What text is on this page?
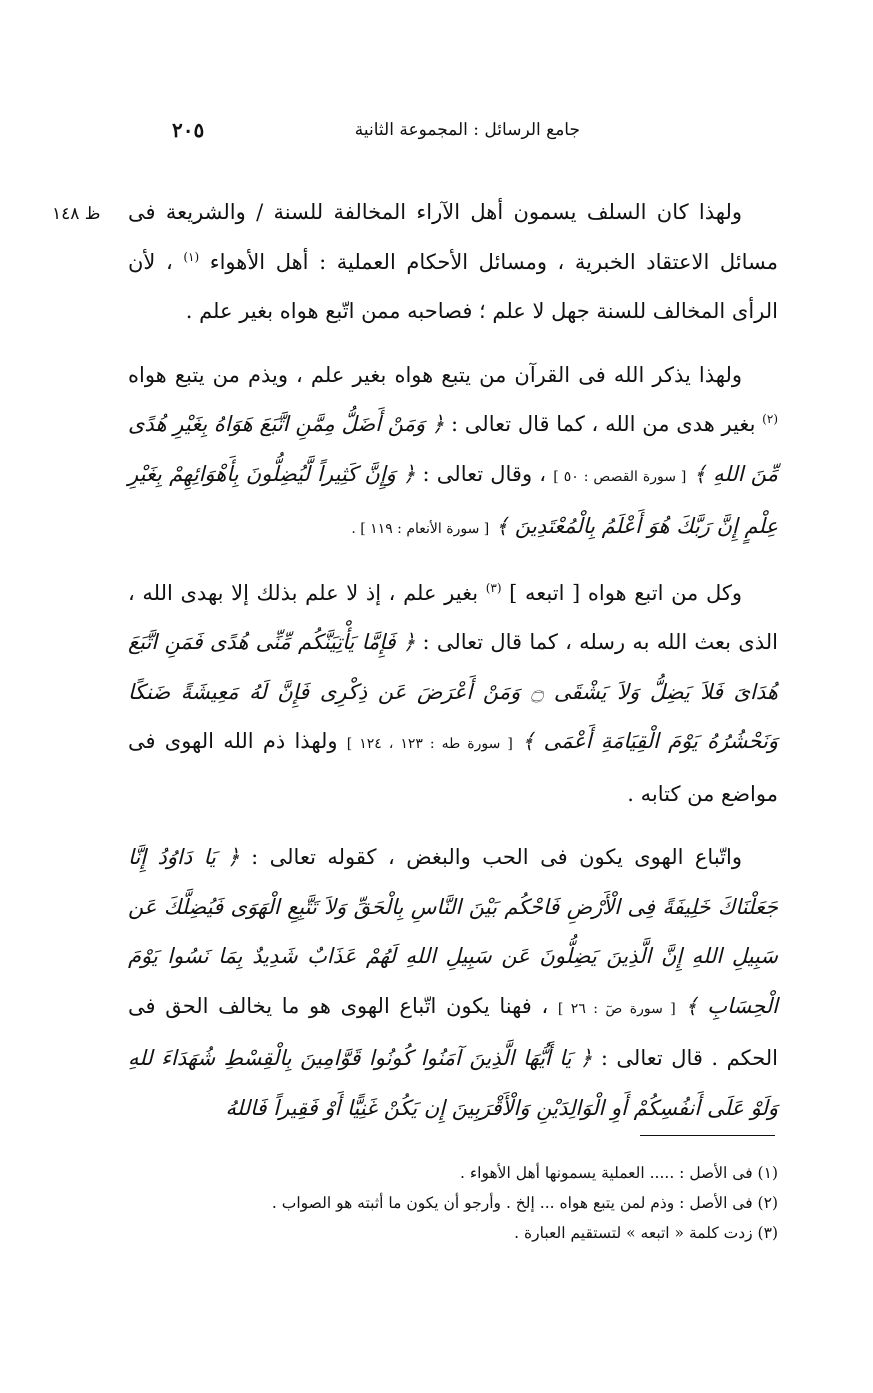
جامع الرسائل : المجموعة الثانية
٢٠٥
ظ ١٤٨ ولهذا كان السلف يسمون أهل الآراء المخالفة للسنة / والشريعة فى مسائل الاعتقاد الخبرية ، ومسائل الأحكام العملية : أهل الأهواء $^{(١)}$ ، لأن الرأى المخالف للسنة جهل لا علم ؛ فصاحبه ممن اتّبع هواه بغير علم .

ولهذا يذكر الله فى القرآن من يتبع هواه بغير علم ، ويذم من يتبع هواه $^{(٢)}$ بغير هدى من الله ، كما قال تعالى : ﴿ وَمَنْ أَضَلُّ مِمَّنِ اتَّبَعَ هَوَاهُ بِغَيْرِ هُدًى مِّنَ اللهِ ﴾ [ سورة القصص : ٥٠ ] ، وقال تعالى : ﴿ وَإِنَّ كَثِيراً لَّيُضِلُّونَ بِأَهْوَائِهِمْ بِغَيْرِ عِلْمٍ إِنَّ رَبَّكَ هُوَ أَعْلَمُ بِالْمُعْتَدِينَ ﴾ [ سورة الأنعام : ١١٩ ] .

وكل من اتبع هواه [ اتبعه ] $^{(٣)}$ بغير علم ، إذ لا علم بذلك إلا بهدى الله ، الذى بعث الله به رسله ، كما قال تعالى : ﴿ فَإِمَّا يَأْتِيَنَّكُم مِّنِّى هُدًى فَمَنِ اتَّبَعَ هُدَاىَ فَلاَ يَضِلُّ وَلاَ يَشْقَى ۝ وَمَنْ أَعْرَضَ عَن ذِكْرِى فَإِنَّ لَهُ مَعِيشَةً ضَنكًا وَنَحْشُرُهُ يَوْمَ الْقِيَامَةِ أَعْمَى ﴾ [ سورة طه : ١٢٣ ، ١٢٤ ] ولهذا ذم الله الهوى فى مواضع من كتابه .

واتّباع الهوى يكون فى الحب والبغض ، كقوله تعالى : ﴿ يَا دَاوُدُ إِنَّا جَعَلْنَاكَ خَلِيفَةً فِى الْأَرْضِ فَاحْكُم بَيْنَ النَّاسِ بِالْحَقِّ وَلاَ تَتَّبِعِ الْهَوَى فَيُضِلَّكَ عَن سَبِيلِ اللهِ إِنَّ الَّذِينَ يَضِلُّونَ عَن سَبِيلِ اللهِ لَهُمْ عَذَابٌ شَدِيدٌ بِمَا نَسُوا يَوْمَ الْحِسَابِ ﴾ [ سورة صٓ : ٢٦ ] ، فهنا يكون اتّباع الهوى هو ما يخالف الحق فى الحكم . قال تعالى : ﴿ يَا أَيُّهَا الَّذِينَ آمَنُوا كُونُوا قَوَّامِينَ بِالْقِسْطِ شُهَدَاءَ للهِ وَلَوْ عَلَى أَنفُسِكُمْ أَوِ الْوَالِدَيْنِ وَالْأَقْرَبِينَ إِن يَكُنْ غَنِيًّا أَوْ فَقِيراً فَاللهُ

(١) فى الأصل : ..... العملية يسمونها أهل الأهواء .

(٢) فى الأصل : وذم لمن يتبع هواه ... إلخ . وأرجو أن يكون ما أثبته هو الصواب .

(٣) زدت كلمة « اتبعه » لتستقيم العبارة .
